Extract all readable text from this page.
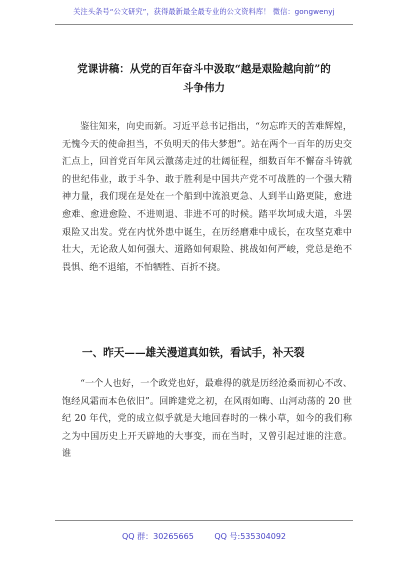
关注头条号“公文研究”，获得最新最全最专业的公文资料库！ 微信：gongwenyj
党课讲稿：从党的百年奋斗中汲取“越是艰险越向前”的
斗争伟力

鉴往知来，向史而新。习近平总书记指出，“勿忘昨天的苦难辉煌，无愧今天的使命担当，不负明天的伟大梦想”。站在两个一百年的历史交汇点上，回首党百年风云激荡走过的壮阔征程，细数百年不懈奋斗铸就的世纪伟业，敢于斗争、敢于胜利是中国共产党不可战胜的一个强大精神力量，我们现在是处在一个船到中流浪更急、人到半山路更陡，愈进愈难、愈进愈险、不进则退、非进不可的时候。踏平坎坷成大道，斗罢艰险又出发。党在内忧外患中诞生，在历经磨难中成长，在攻坚克难中壮大，无论敌人如何强大、道路如何艰险、挑战如何严峻，党总是绝不畏惧、绝不退缩，不怕牺牲、百折不挠。

一、昨天——雄关漫道真如铁，看试手，补天裂

“一个人也好，一个政党也好，最难得的就是历经沧桑而初心不改、饱经风霜而本色依旧”。回眸建党之初，在风雨如晦、山河动荡的 20 世纪 20 年代，党的成立似乎就是大地回春时的一株小草，如今的我们称之为中国历史上开天辟地的大事变，而在当时，又曾引起过谁的注意。谁

QQ 群：30265665	QQ 号:535304092
